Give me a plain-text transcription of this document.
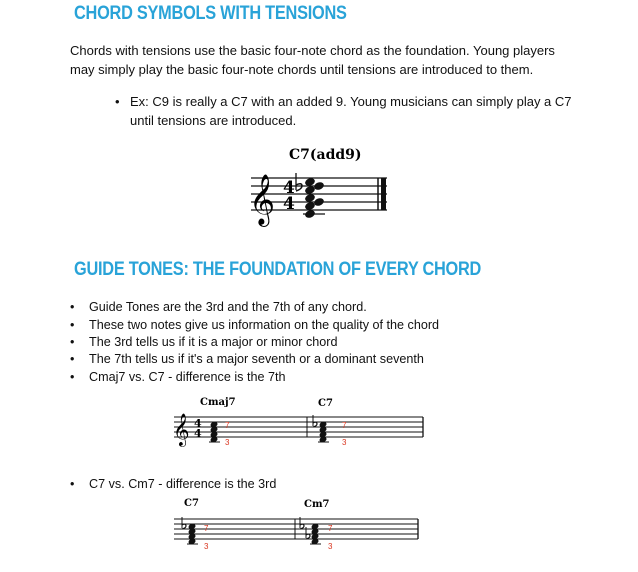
CHORD SYMBOLS WITH TENSIONS
Chords with tensions use the basic four-note chord as the foundation. Young players
may simply play the basic four-note chords until tensions are introduced to them.
• Ex: C9 is really a C7 with an added 9. Young musicians can simply play a C7
until tensions are introduced.
C7(add9)
𝄞 4
4
GUIDE TONES: THE FOUNDATION OF EVERY CHORD
• Guide Tones are the 3rd and the 7th of any chord.
• These two notes give us information on the quality of the chord
• The 3rd tells us if it is a major or minor chord
• The 7th tells us if it's a major seventh or a dominant seventh
• Cmaj7 vs. C7 - difference is the 7th
Cmaj7	C7
𝄞 4
4
7
3
7
3
• C7 vs. Cm7 - difference is the 3rd
C7	Cm7
7
3
7
3
